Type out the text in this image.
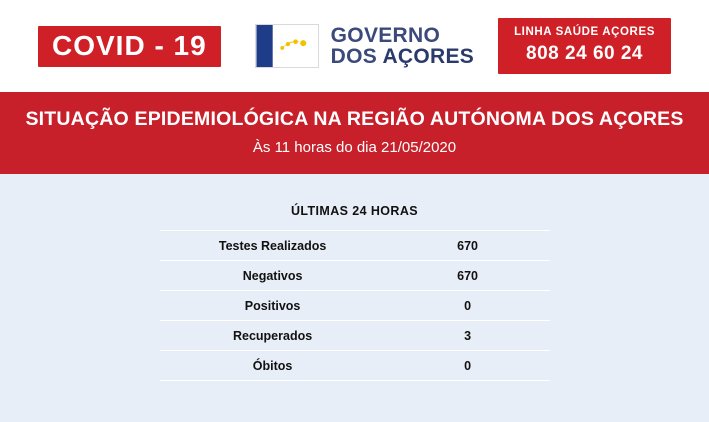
COVID - 19	GOVERNO
DOS AÇORES
LINHA SAÚDE AÇORES
808 24 60 24
SITUAÇÃO EPIDEMIOLÓGICA NA REGIÃO AUTÓNOMA DOS AÇORES
Às 11 horas do dia 21/05/2020
ÚLTIMAS 24 HORAS
Testes Realizados	670
Negativos	670
Positivos	0
Recuperados	3
Óbitos	0
